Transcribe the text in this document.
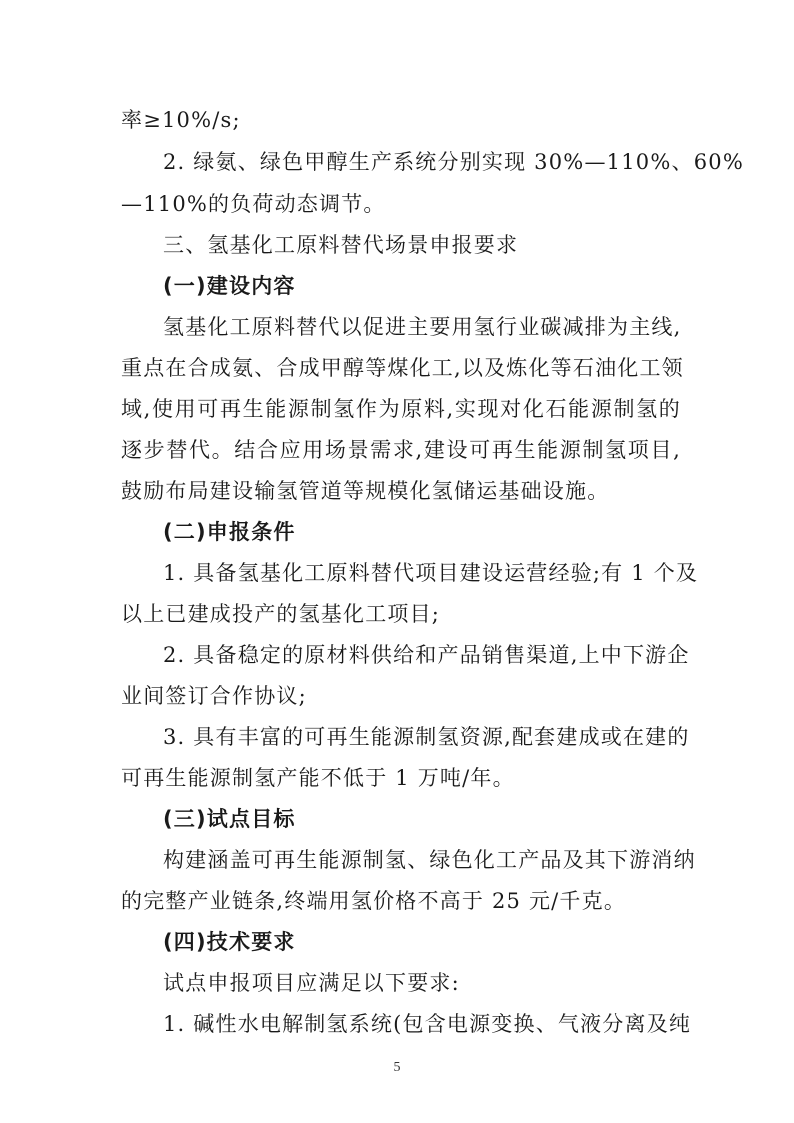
率≥10%/s;
2. 绿氨、绿色甲醇生产系统分别实现 30%—110%、60%
—110%的负荷动态调节。
三、氢基化工原料替代场景申报要求
(一)建设内容
氢基化工原料替代以促进主要用氢行业碳减排为主线,
重点在合成氨、合成甲醇等煤化工,以及炼化等石油化工领
域,使用可再生能源制氢作为原料,实现对化石能源制氢的
逐步替代。结合应用场景需求,建设可再生能源制氢项目,
鼓励布局建设输氢管道等规模化氢储运基础设施。
(二)申报条件
1. 具备氢基化工原料替代项目建设运营经验;有 1 个及
以上已建成投产的氢基化工项目;
2. 具备稳定的原材料供给和产品销售渠道,上中下游企
业间签订合作协议;
3. 具有丰富的可再生能源制氢资源,配套建成或在建的
可再生能源制氢产能不低于 1 万吨/年。
(三)试点目标
构建涵盖可再生能源制氢、绿色化工产品及其下游消纳
的完整产业链条,终端用氢价格不高于 25 元/千克。
(四)技术要求
试点申报项目应满足以下要求:
1. 碱性水电解制氢系统(包含电源变换、气液分离及纯
5
